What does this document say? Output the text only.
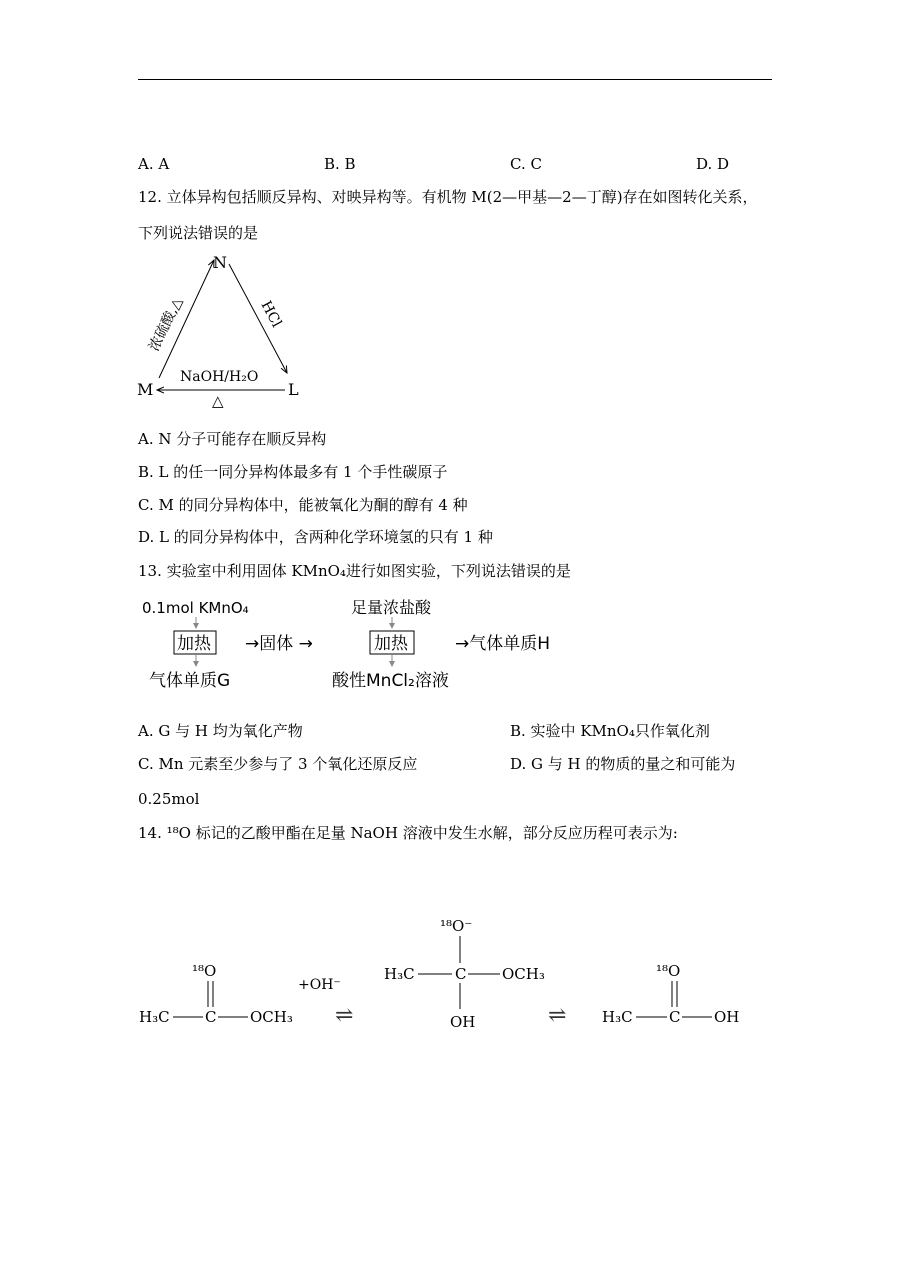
A. A	B. B	C. C	D. D
12. 立体异构包括顺反异构、对映异构等。有机物 M(2—甲基—2—丁醇)存在如图转化关系，
下列说法错误的是
N
M	L
浓硫酸,△	HCl
NaOH/H₂O
△
A. N 分子可能存在顺反异构
B. L 的任一同分异构体最多有 1 个手性碳原子
C. M 的同分异构体中，能被氧化为酮的醇有 4 种
D. L 的同分异构体中，含两种化学环境氢的只有 1 种
13. 实验室中利用固体 KMnO₄进行如图实验，下列说法错误的是
0.1mol KMnO₄
加热
气体单质G
→固体 →
足量浓盐酸
加热	→气体单质H
酸性MnCl₂溶液
A. G 与 H 均为氧化产物	B. 实验中 KMnO₄只作氧化剂
C. Mn 元素至少参与了 3 个氧化还原反应	D. G 与 H 的物质的量之和可能为
0.25mol
14. ¹⁸O 标记的乙酸甲酯在足量 NaOH 溶液中发生水解，部分反应历程可表示为:
¹⁸O
H₃C C OCH₃
+OH⁻
⇌
¹⁸O⁻
H₃C	C OCH₃
OH	⇌
¹⁸O
H₃C C OH
